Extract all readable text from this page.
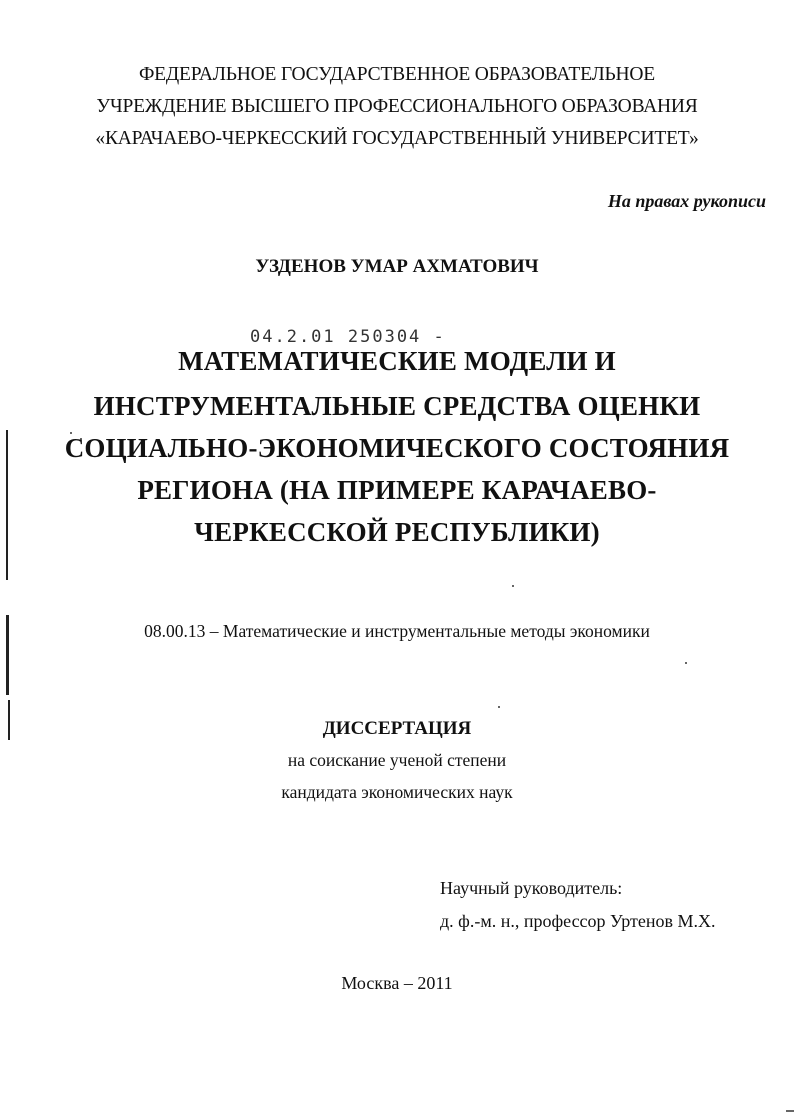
ФЕДЕРАЛЬНОЕ ГОСУДАРСТВЕННОЕ ОБРАЗОВАТЕЛЬНОЕ
УЧРЕЖДЕНИЕ ВЫСШЕГО ПРОФЕССИОНАЛЬНОГО ОБРАЗОВАНИЯ
«КАРАЧАЕВО-ЧЕРКЕССКИЙ ГОСУДАРСТВЕННЫЙ УНИВЕРСИТЕТ»
На правах рукописи
УЗДЕНОВ УМАР АХМАТОВИЧ
04.2.01 250304 -
МАТЕМАТИЧЕСКИЕ МОДЕЛИ И
ИНСТРУМЕНТАЛЬНЫЕ СРЕДСТВА ОЦЕНКИ
СОЦИАЛЬНО-ЭКОНОМИЧЕСКОГО СОСТОЯНИЯ
РЕГИОНА (НА ПРИМЕРЕ КАРАЧАЕВО-
ЧЕРКЕССКОЙ РЕСПУБЛИКИ)
08.00.13 – Математические и инструментальные методы экономики
ДИССЕРТАЦИЯ
на соискание ученой степени
кандидата экономических наук
Научный руководитель:
д. ф.-м. н., профессор Уртенов М.Х.
Москва – 2011
